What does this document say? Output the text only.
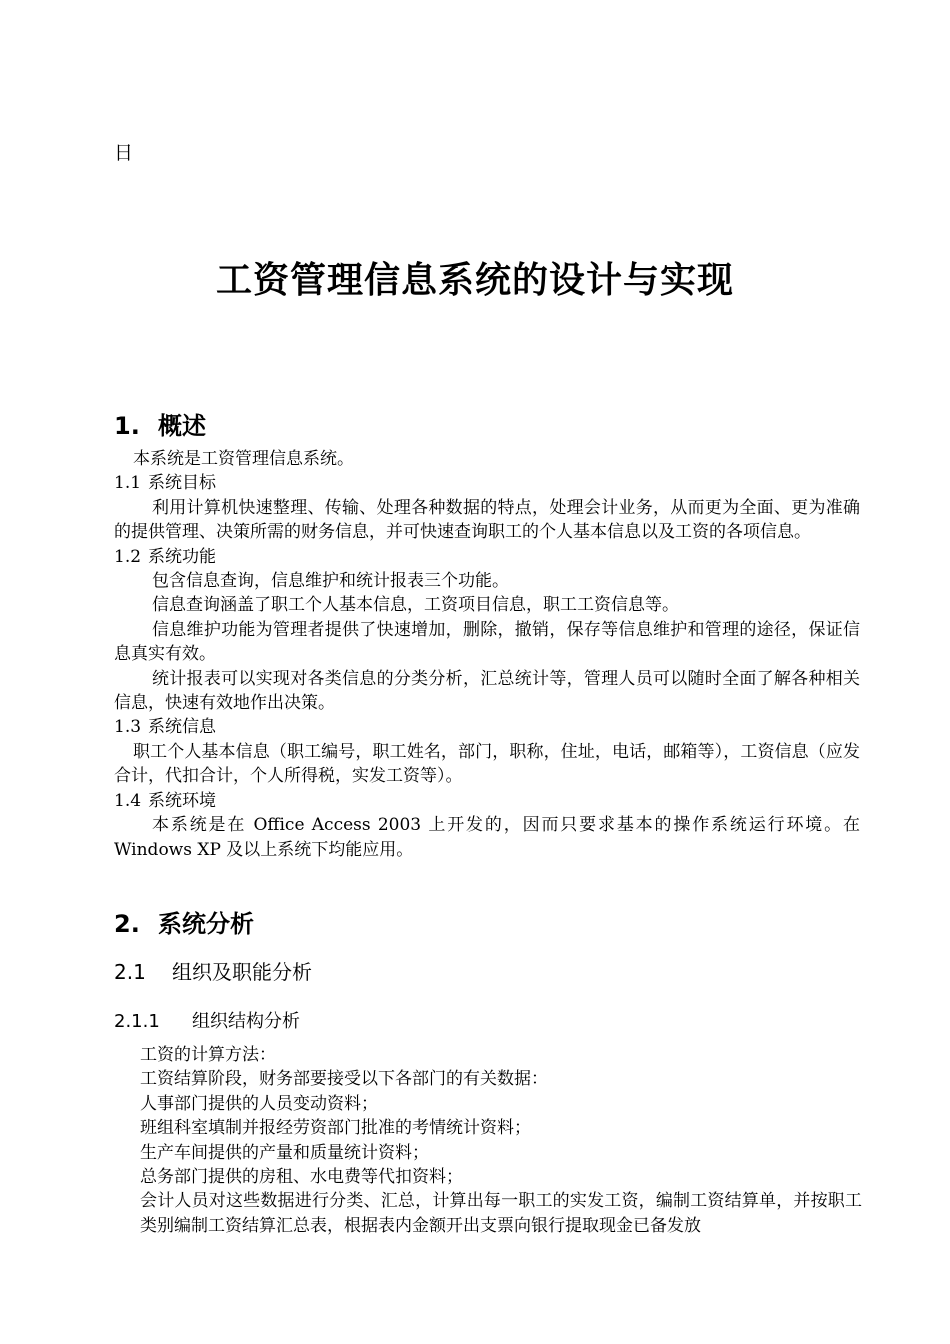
日
工资管理信息系统的设计与实现
1. 概述

本系统是工资管理信息系统。

1.1 系统目标

利用计算机快速整理、传输、处理各种数据的特点，处理会计业务，从而更为全面、更为准确的提供管理、决策所需的财务信息，并可快速查询职工的个人基本信息以及工资的各项信息。

1.2 系统功能

包含信息查询，信息维护和统计报表三个功能。

信息查询涵盖了职工个人基本信息，工资项目信息，职工工资信息等。

信息维护功能为管理者提供了快速增加，删除，撤销，保存等信息维护和管理的途径，保证信息真实有效。

统计报表可以实现对各类信息的分类分析，汇总统计等，管理人员可以随时全面了解各种相关信息，快速有效地作出决策。

1.3 系统信息

职工个人基本信息（职工编号，职工姓名，部门，职称，住址，电话，邮箱等），工资信息（应发合计，代扣合计，个人所得税，实发工资等）。

1.4 系统环境

本系统是在 Office Access 2003 上开发的，因而只要求基本的操作系统运行环境。在 Windows XP 及以上系统下均能应用。

2. 系统分析
2.1 组织及职能分析
2.1.1 组织结构分析

工资的计算方法：

工资结算阶段，财务部要接受以下各部门的有关数据：

人事部门提供的人员变动资料；

班组科室填制并报经劳资部门批准的考情统计资料；

生产车间提供的产量和质量统计资料；

总务部门提供的房租、水电费等代扣资料；

会计人员对这些数据进行分类、汇总，计算出每一职工的实发工资，编制工资结算单，并按职工类别编制工资结算汇总表，根据表内金额开出支票向银行提取现金已备发放
